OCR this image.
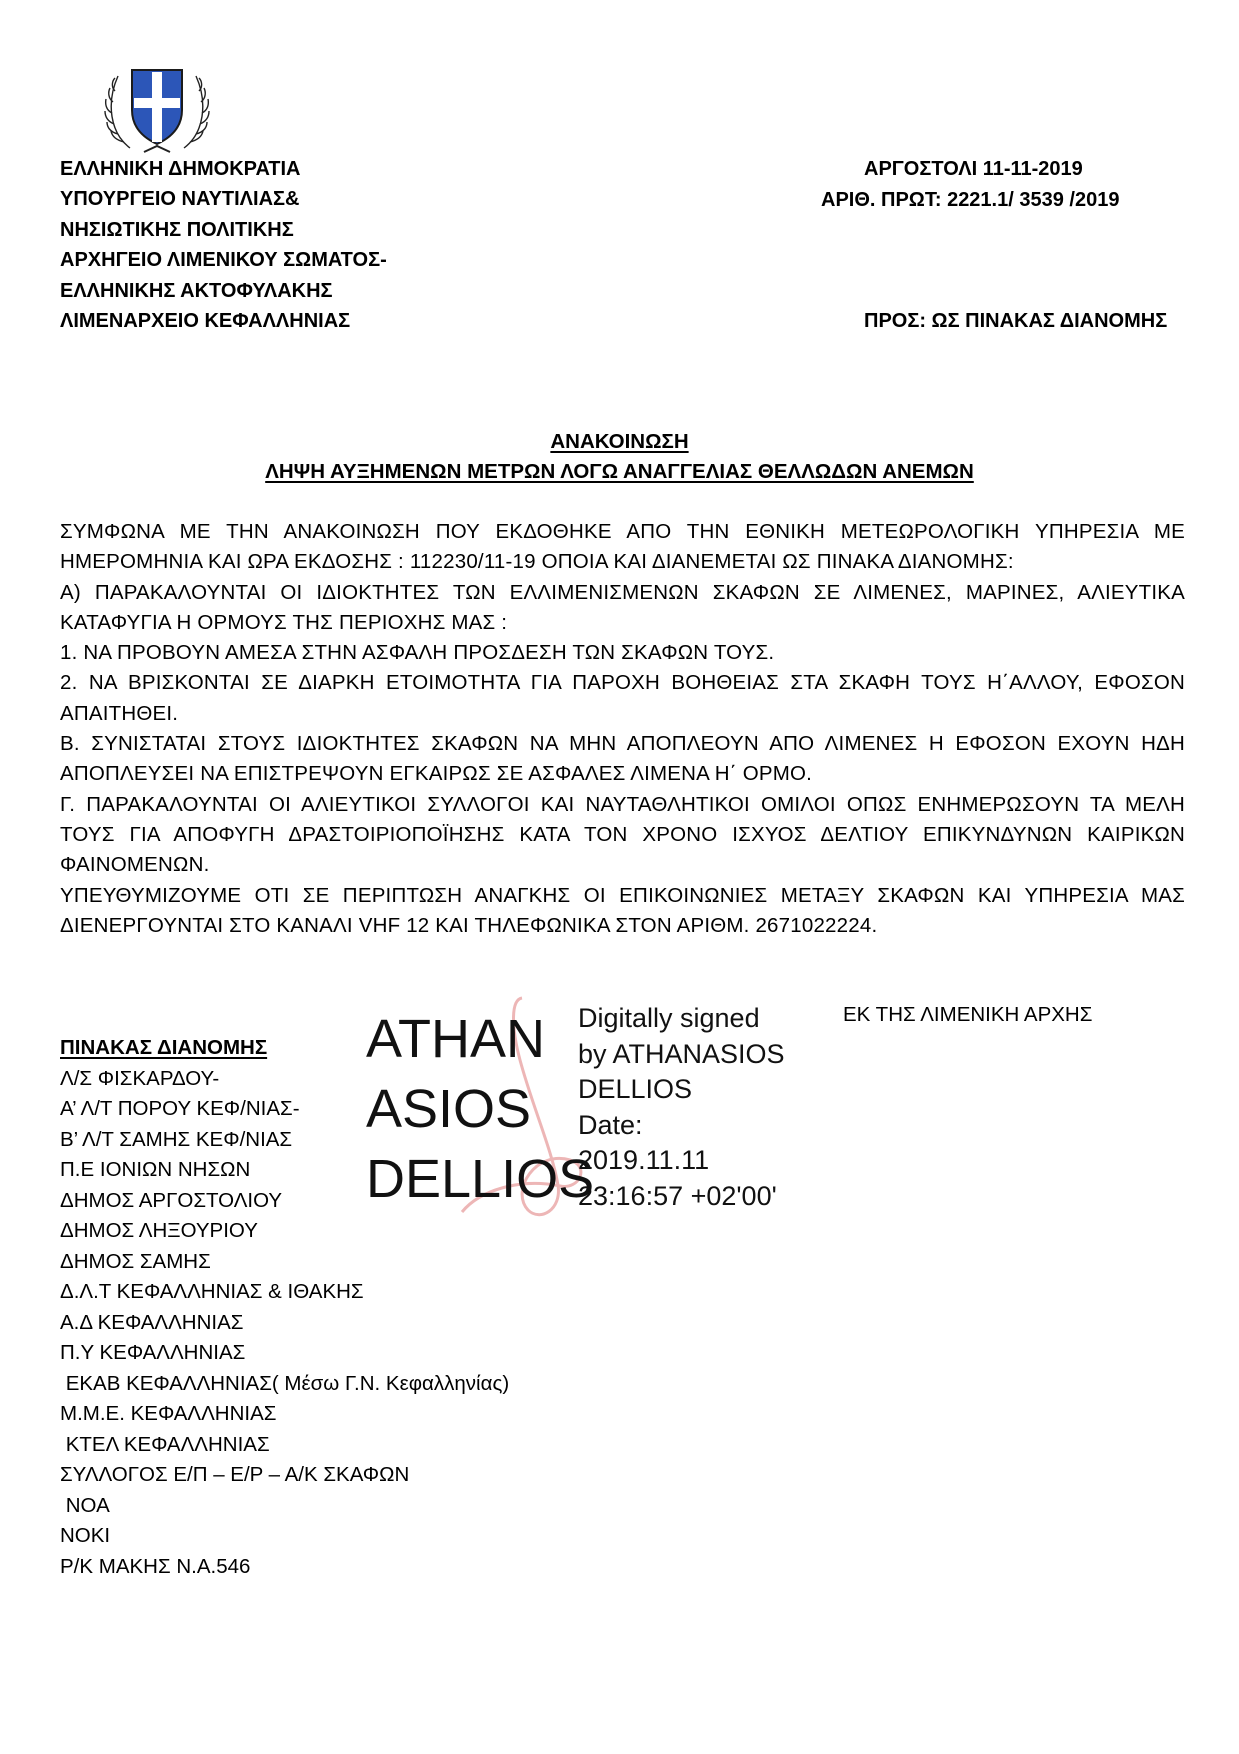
ΕΛΛΗΝΙΚΗ ΔΗΜΟΚΡΑΤΙΑ
ΥΠΟΥΡΓΕΙΟ ΝΑΥΤΙΛΙΑΣ&
ΝΗΣΙΩΤΙΚΗΣ ΠΟΛΙΤΙΚΗΣ
ΑΡΧΗΓΕΙΟ ΛΙΜΕΝΙΚΟΥ ΣΩΜΑΤΟΣ-
ΕΛΛΗΝΙΚΗΣ ΑΚΤΟΦΥΛΑΚΗΣ
ΛΙΜΕΝΑΡΧΕΙΟ ΚΕΦΑΛΛΗΝΙΑΣ
ΑΡΓΟΣΤΟΛΙ 11-11-2019
ΑΡΙΘ. ΠΡΩΤ: 2221.1/ 3539 /2019
ΠΡΟΣ: ΩΣ ΠΙΝΑΚΑΣ ΔΙΑΝΟΜΗΣ
ΑΝΑΚΟΙΝΩΣΗ
ΛΗΨΗ ΑΥΞΗΜΕΝΩΝ ΜΕΤΡΩΝ ΛΟΓΩ ΑΝΑΓΓΕΛΙΑΣ ΘΕΛΛΩΔΩΝ ΑΝΕΜΩΝ

ΣΥΜΦΩΝΑ ΜΕ ΤΗΝ ΑΝΑΚΟΙΝΩΣΗ ΠΟΥ ΕΚΔΟΘΗΚΕ ΑΠΟ ΤΗΝ ΕΘΝΙΚΗ ΜΕΤΕΩΡΟΛΟΓΙΚΗ ΥΠΗΡΕΣΙΑ ΜΕ ΗΜΕΡΟΜΗΝΙΑ ΚΑΙ ΩΡΑ ΕΚΔΟΣΗΣ : 112230/11-19 ΟΠΟΙΑ ΚΑΙ ΔΙΑΝΕΜΕΤΑΙ ΩΣ ΠΙΝΑΚΑ ΔΙΑΝΟΜΗΣ:

Α) ΠΑΡΑΚΑΛΟΥΝΤΑΙ ΟΙ ΙΔΙΟΚΤΗΤΕΣ ΤΩΝ ΕΛΛΙΜΕΝΙΣΜΕΝΩΝ ΣΚΑΦΩΝ ΣΕ ΛΙΜΕΝΕΣ, ΜΑΡΙΝΕΣ, ΑΛΙΕΥΤΙΚΑ ΚΑΤΑΦΥΓΙΑ Η ΟΡΜΟΥΣ ΤΗΣ ΠΕΡΙΟΧΗΣ ΜΑΣ :

1. ΝΑ ΠΡΟΒΟΥΝ ΑΜΕΣΑ ΣΤΗΝ ΑΣΦΑΛΗ ΠΡΟΣΔΕΣΗ ΤΩΝ ΣΚΑΦΩΝ ΤΟΥΣ.

2. ΝΑ ΒΡΙΣΚΟΝΤΑΙ ΣΕ ΔΙΑΡΚΗ ΕΤΟΙΜΟΤΗΤΑ ΓΙΑ ΠΑΡΟΧΗ ΒΟΗΘΕΙΑΣ ΣΤΑ ΣΚΑΦΗ ΤΟΥΣ Η΄ΑΛΛΟΥ, ΕΦΟΣΟΝ ΑΠΑΙΤΗΘΕΙ.

Β. ΣΥΝΙΣΤΑΤΑΙ ΣΤΟΥΣ ΙΔΙΟΚΤΗΤΕΣ ΣΚΑΦΩΝ ΝΑ ΜΗΝ ΑΠΟΠΛΕΟΥΝ ΑΠΟ ΛΙΜΕΝΕΣ Η ΕΦΟΣΟΝ ΕΧΟΥΝ ΗΔΗ ΑΠΟΠΛΕΥΣΕΙ ΝΑ ΕΠΙΣΤΡΕΨΟΥΝ ΕΓΚΑΙΡΩΣ ΣΕ ΑΣΦΑΛΕΣ ΛΙΜΕΝΑ Η΄ ΟΡΜΟ.

Γ. ΠΑΡΑΚΑΛΟΥΝΤΑΙ ΟΙ ΑΛΙΕΥΤΙΚΟΙ ΣΥΛΛΟΓΟΙ ΚΑΙ ΝΑΥΤΑΘΛΗΤΙΚΟΙ ΟΜΙΛΟΙ ΟΠΩΣ ΕΝΗΜΕΡΩΣΟΥΝ ΤΑ ΜΕΛΗ ΤΟΥΣ ΓΙΑ ΑΠΟΦΥΓΗ ΔΡΑΣΤΟΙΡΙΟΠΟΪΗΣΗΣ ΚΑΤΑ ΤΟΝ ΧΡΟΝΟ ΙΣΧΥΟΣ ΔΕΛΤΙΟΥ ΕΠΙΚΥΝΔΥΝΩΝ ΚΑΙΡΙΚΩΝ ΦΑΙΝΟΜΕΝΩΝ.

ΥΠΕΥΘΥΜΙΖΟΥΜΕ ΟΤΙ ΣΕ ΠΕΡΙΠΤΩΣΗ ΑΝΑΓΚΗΣ ΟΙ ΕΠΙΚΟΙΝΩΝΙΕΣ ΜΕΤΑΞΥ ΣΚΑΦΩΝ ΚΑΙ ΥΠΗΡΕΣΙΑ ΜΑΣ ΔΙΕΝΕΡΓΟΥΝΤΑΙ ΣΤΟ ΚΑΝΑΛΙ VHF 12 ΚΑΙ ΤΗΛΕΦΩΝΙΚΑ ΣΤΟΝ ΑΡΙΘΜ. 2671022224.

ΠΙΝΑΚΑΣ ΔΙΑΝΟΜΗΣ
Λ/Σ ΦΙΣΚΑΡΔΟΥ-
Α’ Λ/Τ ΠΟΡΟΥ ΚΕΦ/ΝΙΑΣ-
Β’ Λ/Τ ΣΑΜΗΣ ΚΕΦ/ΝΙΑΣ
Π.Ε ΙΟΝΙΩΝ ΝΗΣΩΝ
ΔΗΜΟΣ ΑΡΓΟΣΤΟΛΙΟΥ
ΔΗΜΟΣ ΛΗΞΟΥΡΙΟΥ
ΔΗΜΟΣ ΣΑΜΗΣ
Δ.Λ.Τ ΚΕΦΑΛΛΗΝΙΑΣ & ΙΘΑΚΗΣ
Α.Δ ΚΕΦΑΛΛΗΝΙΑΣ
Π.Υ ΚΕΦΑΛΛΗΝΙΑΣ
ΕΚΑΒ ΚΕΦΑΛΛΗΝΙΑΣ( Μέσω Γ.Ν. Κεφαλληνίας)
Μ.Μ.Ε. ΚΕΦΑΛΛΗΝΙΑΣ
ΚΤΕΛ ΚΕΦΑΛΛΗΝΙΑΣ
ΣΥΛΛΟΓΟΣ Ε/Π – Ε/Ρ – Α/Κ ΣΚΑΦΩΝ
ΝΟΑ
ΝΟΚΙ
Ρ/Κ ΜΑΚΗΣ Ν.Α.546
ATHAN
ASIOS
DELLIOS
Digitally signed
by ATHANASIOS
DELLIOS
Date:
2019.11.11
23:16:57 +02'00'
ΕΚ ΤΗΣ ΛΙΜΕΝΙΚΗ ΑΡΧΗΣ
